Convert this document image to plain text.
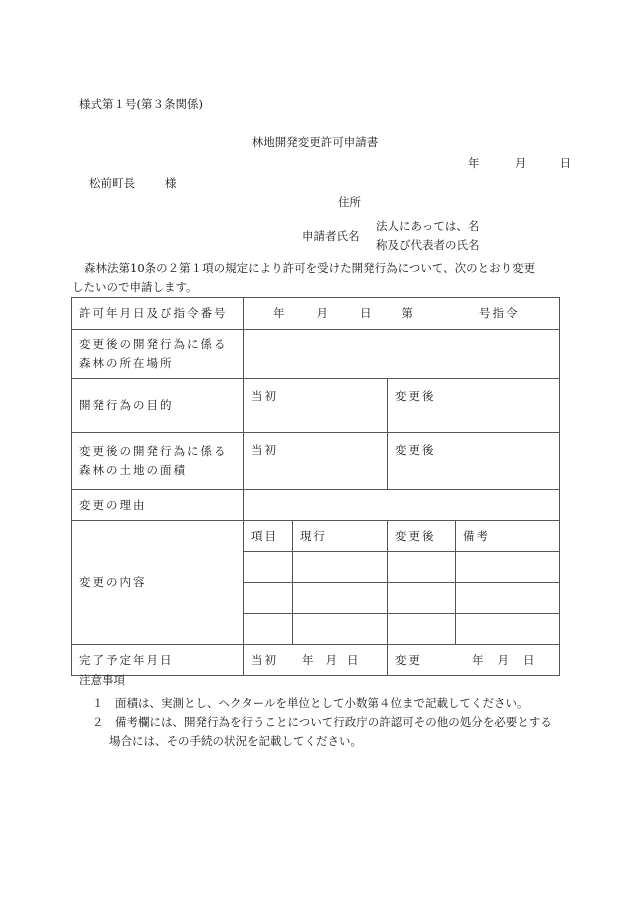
様式第１号(第３条関係)
林地開発変更許可申請書
年	月	日
松前町長	様
住所
申請者氏名
法人にあっては、名
称及び代表者の氏名
森林法第10条の２第１項の規定により許可を受けた開発行為について、次のとおり変更
したいので申請します。
許可年月日及び指令番号	年 月 日 第 号指令			

変更後の開発行為に係る
森林の所在場所				

開発行為の目的	当初		変更後	

変更後の開発行為に係る
森林の土地の面積	当初		変更後	
変更の理由				
変更の内容	項目	現行	変更後	備考

完了予定年月日	当初 年 月 日		変更 年 月 日	
注意事項
１　面積は、実測とし、ヘクタールを単位として小数第４位まで記載してください。
２　備考欄には、開発行為を行うことについて行政庁の許認可その他の処分を必要とする
場合には、その手続の状況を記載してください。
